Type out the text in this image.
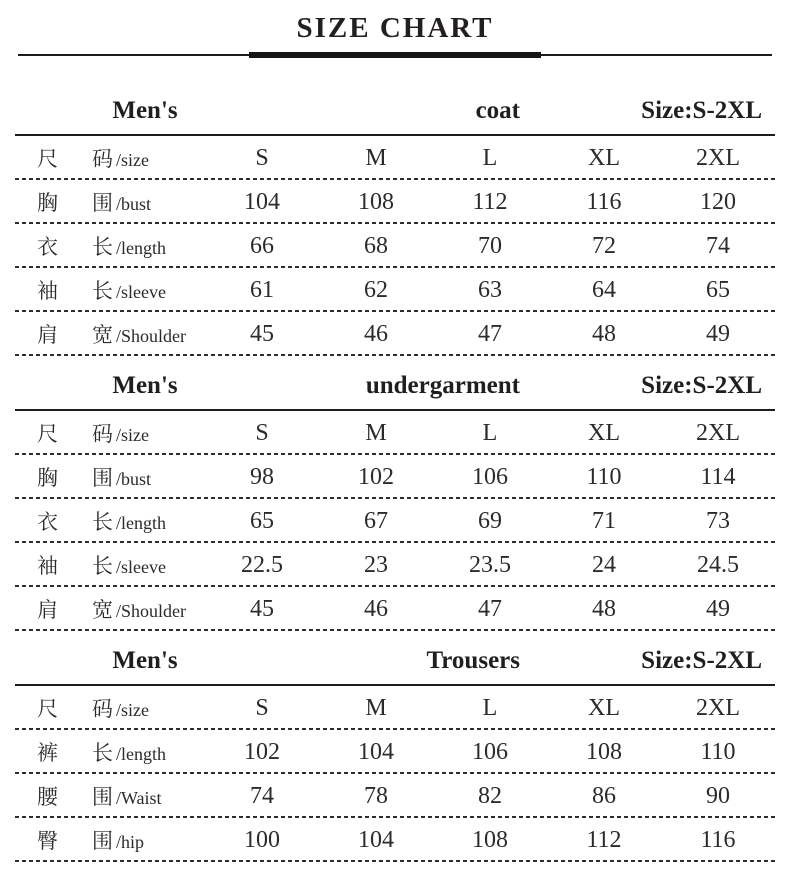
SIZE CHART
Men's	coat	Size:S-2XL
尺 码 /size	S	M	L	XL	2XL
胸 围 /bust	104	108	112	116	120
衣 长 /length	66	68	70	72	74
袖 长 /sleeve	61	62	63	64	65
肩 宽 /Shoulder	45	46	47	48	49
Men's	undergarment	Size:S-2XL
尺 码 /size	S	M	L	XL	2XL
胸 围 /bust	98	102	106	110	114
衣 长 /length	65	67	69	71	73
袖 长 /sleeve	22.5	23	23.5	24	24.5
肩 宽 /Shoulder	45	46	47	48	49
Men's	Trousers	Size:S-2XL
尺 码 /size	S	M	L	XL	2XL
裤 长 /length	102	104	106	108	110
腰 围 /Waist	74	78	82	86	90
臀 围 /hip	100	104	108	112	116
